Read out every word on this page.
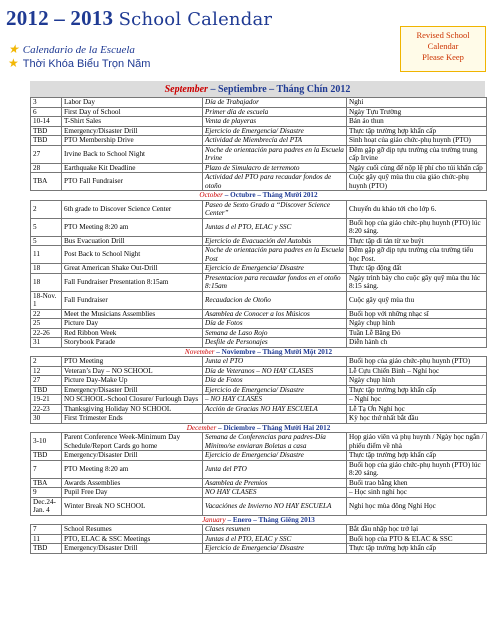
2012 – 2013 School Calendar
★ Calendario de la Escuela
★ Thời Khóa Biểu Trọn Năm
Revised School
Calendar
Please Keep
September – Septiembre – Tháng Chín 2012
3	Labor Day	Día de Trabajador	Nghỉ
6	First Day of School	Primer día de escuela	Ngày Tựu Trường
10-14	T-Shirt Sales	Venta de playeras	Bán áo thun
TBD	Emergency/Disaster Drill	Ejercicio de Emergencia/ Disastre	Thực tập trường hợp khẩn cấp
TBD	PTO Membership Drive	Actividad de Miembrecía del PTA	Sinh hoạt của giáo chức-phụ huynh (PTO)
27	Irvine Back to School Night	Noche de orientación para padres en la Escuela Irvine	Đêm gặp gỡ dịp tựu trường của trường trung cấp Irvine
28	Earthquake Kit Deadline	Plazo de Simulacro de terremoto	Ngày cuối cùng để nộp lệ phí cho túi khẩn cấp
TBA	PTO Fall Fundraiser	Actividad del PTO para recaudar fondos de otoño	Cuộc gây quỹ mùa thu của giáo chức-phụ huynh (PTO)
October – Octubre – Tháng Mười 2012			
2	6th grade to Discover Science Center	Paseo de Sexto Grado a “Discover Science Center”	Chuyến du khảo tới cho lớp 6.
5	PTO Meeting 8:20 am	Juntas d el PTO, ELAC y SSC	Buổi họp của giáo chức-phụ huynh (PTO) lúc 8:20 sáng.
5	Bus Evacuation Drill	Ejercicio de Evacuación del Autobús	Thực tập di tản từ xe buýt
11	Post Back to School Night	Noche de orientación para padres en la Escuela Post	Đêm gặp gỡ dịp tựu trường của trường tiểu học Post.
18	Great American Shake Out-Drill	Ejercicio de Emergencia/ Disastre	Thực tập động đất
18	Fall Fundraiser Presentation 8:15am	Presentacion para recaudar fondos en el otoño 8:15am	Ngày trình bày cho cuộc gây quỹ mùa thu lúc 8:15 sáng.
18-Nov. 1	Fall Fundraiser	Recaudacion de Otoño	Cuộc gây quỹ mùa thu
22	Meet the Musicians Assemblies	Asamblea de Conocer a los Músicos	Buổi họp với những nhạc sĩ
25	Picture Day	Día de Fotos	Ngày chụp hình
22-26	Red Ribbon Week	Semana de Laso Rojo	Tuần Lễ Băng Đỏ
31	Storybook Parade	Desfile de Personajes	Diễn hành ch
November – Noviembre – Tháng Mười Một 2012			
2	PTO Meeting	Junta el PTO	Buổi họp của giáo chức-phụ huynh (PTO)
12	Veteran’s Day – NO SCHOOL	Día de Veteranos – NO HAY CLASES	Lễ Cựu Chiến Binh – Nghỉ học
27	Picture Day-Make Up	Día de Fotos	Ngày chụp hình
TBD	Emergency/Disaster Drill	Ejercicio de Emergencia/ Disastre	Thực tập trường hợp khẩn cấp
19-21	NO SCHOOL-School Closure/ Furlough Days	– NO HAY CLASES	– Nghỉ học
22-23	Thanksgiving Holiday NO SCHOOL	Acción de Gracias NO HAY ESCUELA	Lễ Tạ Ơn Nghỉ học
30	First Trimester Ends		Kỳ học thứ nhất bắt đầu
December – Diciembre – Tháng Mười Hai 2012			
3-10	Parent Conference Week-Minimum Day Schedule/Report Cards go home	Semana de Conferencias para padres-Día Mínimo/se enviaran Boletas a casa	Họp giáo viên và phụ huynh / Ngày học ngắn / phiếu điểm về nhà
TBD	Emergency/Disaster Drill	Ejercicio de Emergencia/ Disastre	Thực tập trường hợp khẩn cấp
7	PTO Meeting 8:20 am	Junta del PTO	Buổi họp của giáo chức-phụ huynh (PTO) lúc 8:20 sáng.
TBA	Awards Assemblies	Asamblea de Premios	Buổi trao bằng khen
9	Pupil Free Day	NO HAY CLASES	– Học sinh nghỉ học
Dec.24-Jan. 4	Winter Break NO SCHOOL	Vacaciónes de Invierno NO HAY ESCUELA	Nghỉ học mùa đông Nghỉ Học
January – Enero – Tháng Giêng 2013			
7	School Resumes	Clases resumen	Bắt đầu nhập học trở lại
11	PTO, ELAC & SSC Meetings	Juntas d el PTO, ELAC y SSC	Buổi họp của PTO & ELAC & SSC
TBD	Emergency/Disaster Drill	Ejercicio de Emergencia/ Disastre	Thực tập trường hợp khẩn cấp
